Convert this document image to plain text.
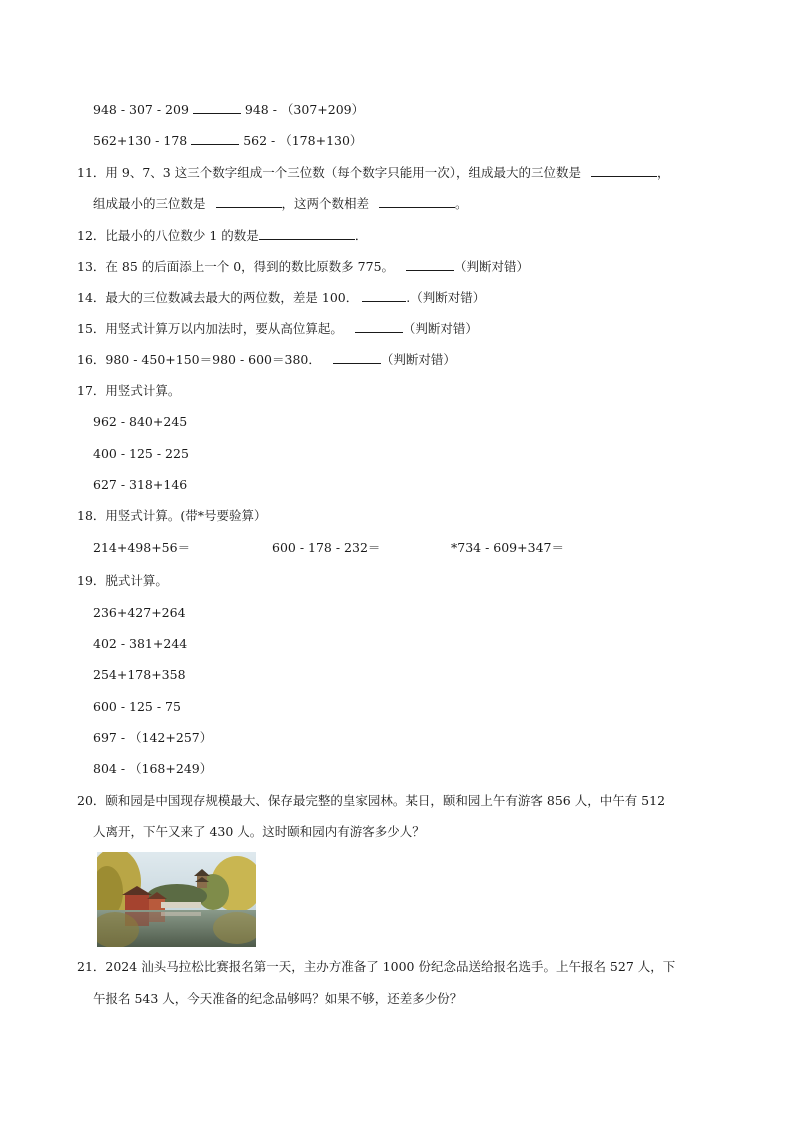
948 - 307 - 209	948 - （307+209）
562+130 - 178	562 - （178+130）
11．用 9、7、3 这三个数字组成一个三位数（每个数字只能用一次），组成最大的三位数是	，
组成最小的三位数是	，这两个数相差	。
12．比最小的八位数少 1 的数是	．
13．在 85 的后面添上一个 0，得到的数比原数多 775。	（判断对错）
14．最大的三位数减去最大的两位数，差是 100．	.（判断对错）
15．用竖式计算万以内加法时，要从高位算起。	（判断对错）
16．980 - 450+150＝980 - 600＝380．	（判断对错）
17．用竖式计算。
962 - 840+245
400 - 125 - 225
627 - 318+146
18．用竖式计算。(带*号要验算）
214+498+56＝	600 - 178 - 232＝	*734 - 609+347＝
19．脱式计算。
236+427+264
402 - 381+244
254+178+358
600 - 125 - 75
697 - （142+257）
804 - （168+249）
20．颐和园是中国现存规模最大、保存最完整的皇家园林。某日，颐和园上午有游客 856 人，中午有 512
人离开，下午又来了 430 人。这时颐和园内有游客多少人？
21．2024 汕头马拉松比赛报名第一天，主办方准备了 1000 份纪念品送给报名选手。上午报名 527 人，下
午报名 543 人，今天准备的纪念品够吗？如果不够，还差多少份？
